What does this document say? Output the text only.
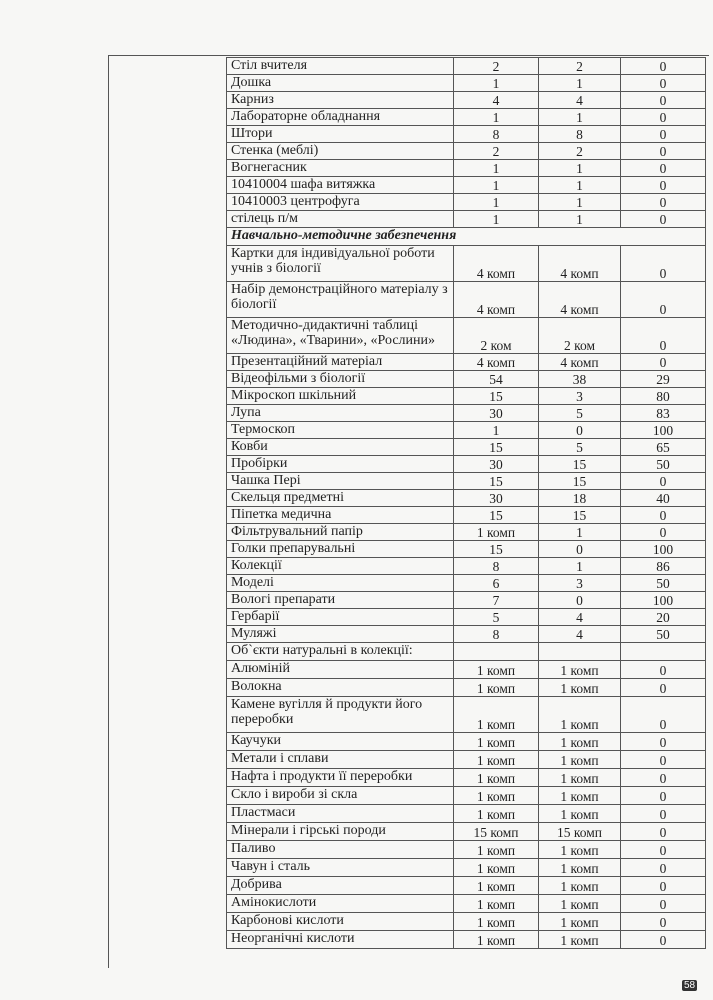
Стіл вчителя	2	2	0
Дошка	1	1	0
Карниз	4	4	0
Лабораторне обладнання	1	1	0
Штори	8	8	0
Стенка (меблі)	2	2	0
Вогнегасник	1	1	0
10410004 шафа витяжка	1	1	0
10410003 центрофуга	1	1	0
стілець п/м	1	1	0
Навчально-методичне забезпечення			
Картки для індивідуальної роботи учнів з біології	4 комп	4 комп	0
Набір демонстраційного матеріалу з біології	4 комп	4 комп	0
Методично-дидактичні таблиці «Людина», «Тварини», «Рослини»	2 ком	2 ком	0
Презентаційний матеріал	4 комп	4 комп	0
Відеофільми з біології	54	38	29
Мікроскоп шкільний	15	3	80
Лупа	30	5	83
Термоскоп	1	0	100
Ковби	15	5	65
Пробірки	30	15	50
Чашка Пері	15	15	0
Скельця предметні	30	18	40
Піпетка медична	15	15	0
Фільтрувальний папір	1 комп	1	0
Голки препарувальні	15	0	100
Колекції	8	1	86
Моделі	6	3	50
Вологі препарати	7	0	100
Гербарії	5	4	20
Муляжі	8	4	50
Об`єкти натуральні в колекції:			
Алюміній	1 комп	1 комп	0
Волокна	1 комп	1 комп	0
Каменe вугілля й продукти його переробки	1 комп	1 комп	0
Каучуки	1 комп	1 комп	0
Метали і сплави	1 комп	1 комп	0
Нафта і продукти її переробки	1 комп	1 комп	0
Скло і вироби зі скла	1 комп	1 комп	0
Пластмаси	1 комп	1 комп	0
Мінерали і гірські породи	15 комп	15 комп	0
Паливо	1 комп	1 комп	0
Чавун і сталь	1 комп	1 комп	0
Добрива	1 комп	1 комп	0
Амінокислоти	1 комп	1 комп	0
Карбонові кислоти	1 комп	1 комп	0
Неорганічні кислоти	1 комп	1 комп	0
58
